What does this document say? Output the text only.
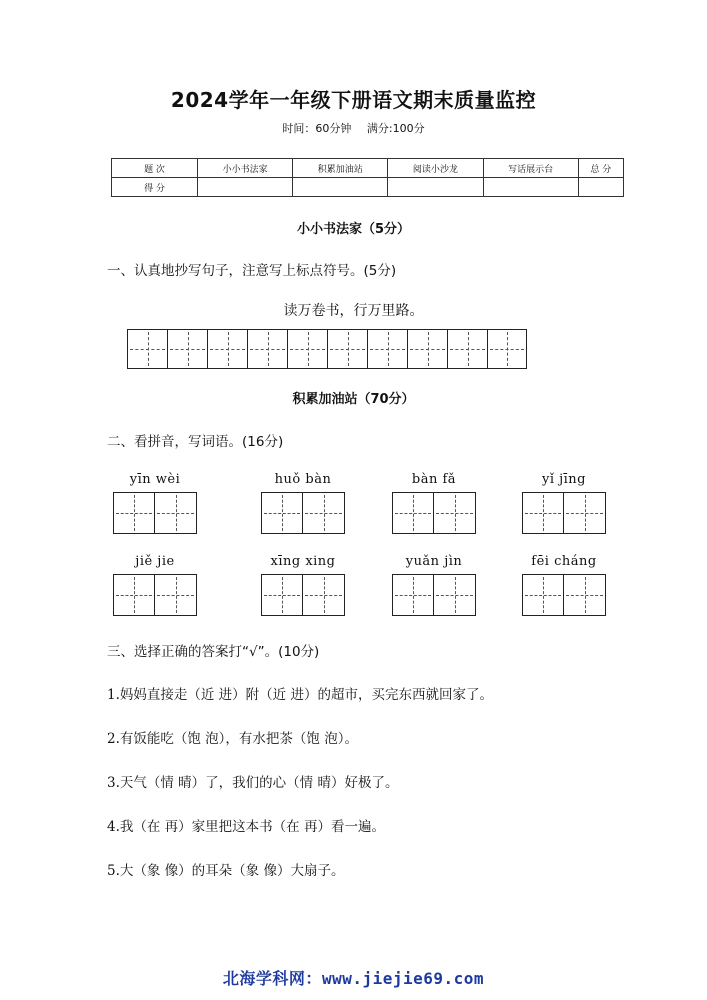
2024学年一年级下册语文期末质量监控
时间：60分钟 满分:100分
题 次	小小书法家	积累加油站	阅读小沙龙	写话展示台	总 分
得 分					
小小书法家（5分）
一、认真地抄写句子，注意写上标点符号。(5分)
读万卷书，行万里路。
积累加油站（70分）
二、看拼音，写词语。(16分)
yīn wèi	huǒ bàn	bàn fǎ	yǐ jīng
jiě jie	xīng xing	yuǎn jìn	fēi cháng
三、选择正确的答案打“√”。(10分)
1.妈妈直接走（近 进）附（近 进）的超市，买完东西就回家了。
2.有饭能吃（饱 泡），有水把茶（饱 泡）。
3.天气（情 晴）了，我们的心（情 晴）好极了。
4.我（在 再）家里把这本书（在 再）看一遍。
5.大（象 像）的耳朵（象 像）大扇子。
北海学科网：www.jiejie69.com
